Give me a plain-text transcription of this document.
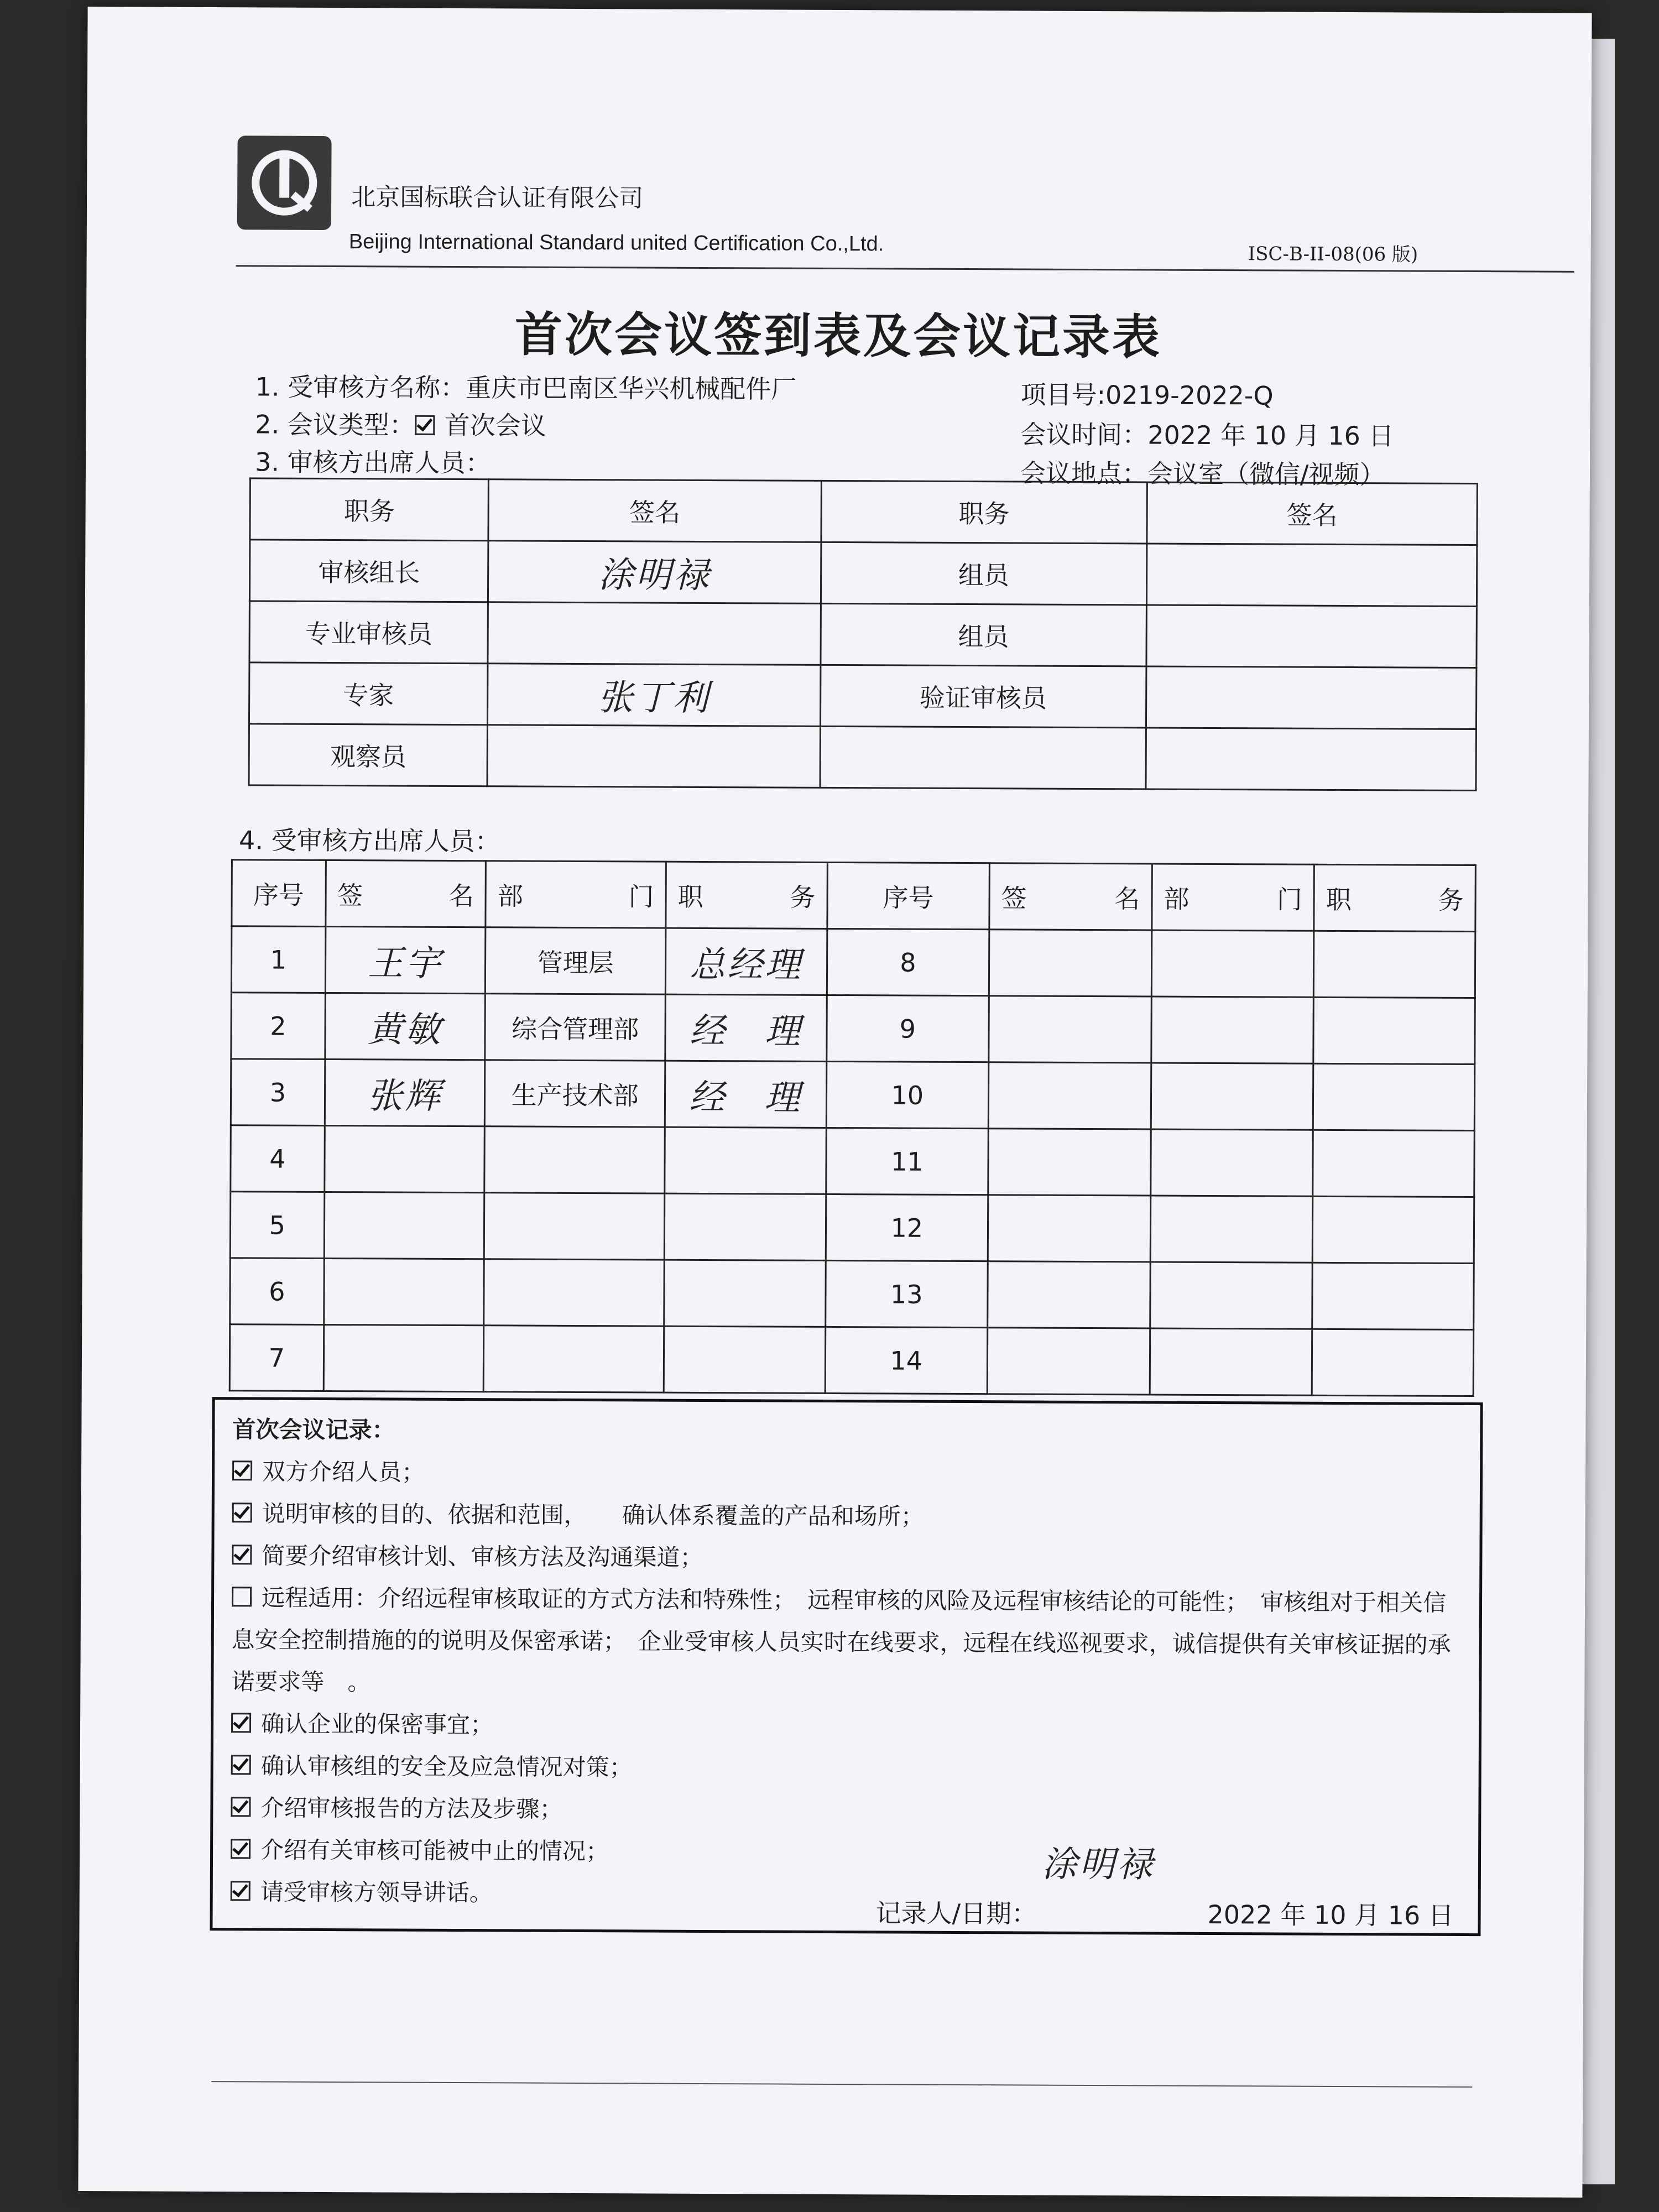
北京国标联合认证有限公司
Beijing International Standard united Certification Co.,Ltd.	ISC-B-II-08(06 版)
首次会议签到表及会议记录表
1. 受审核方名称：重庆市巴南区华兴机械配件厂	项目号:0219-2022-Q
2. 会议类型： 首次会议	会议时间：2022 年 10 月 16 日
3. 审核方出席人员：	会议地点：会议室（微信/视频）
职务	签名	职务	签名
审核组长	涂明禄	组员	
专业审核员		组员	
专家	张丁利	验证审核员	
观察员			
4. 受审核方出席人员：
序号	签 名	部 门	职 务	序号	签 名	部 门	职 务

1	王宇	管理层	总经理	8			
2	黄敏	综合管理部	经　理	9			
3	张辉	生产技术部	经　理	10			
4				11			
5				12			
6				13			
7				14			
首次会议记录：
双方介绍人员；
说明审核的目的、依据和范围，　　确认体系覆盖的产品和场所；
简要介绍审核计划、审核方法及沟通渠道；
远程适用：介绍远程审核取证的方式方法和特殊性；　远程审核的风险及远程审核结论的可能性；　审核组对于相关信息安全控制措施的的说明及保密承诺；　企业受审核人员实时在线要求，远程在线巡视要求，诚信提供有关审核证据的承诺要求等　。
确认企业的保密事宜；
确认审核组的安全及应急情况对策；
介绍审核报告的方法及步骤；
介绍有关审核可能被中止的情况；
请受审核方领导讲话。
涂明禄
记录人/日期：	2022 年 10 月 16 日
